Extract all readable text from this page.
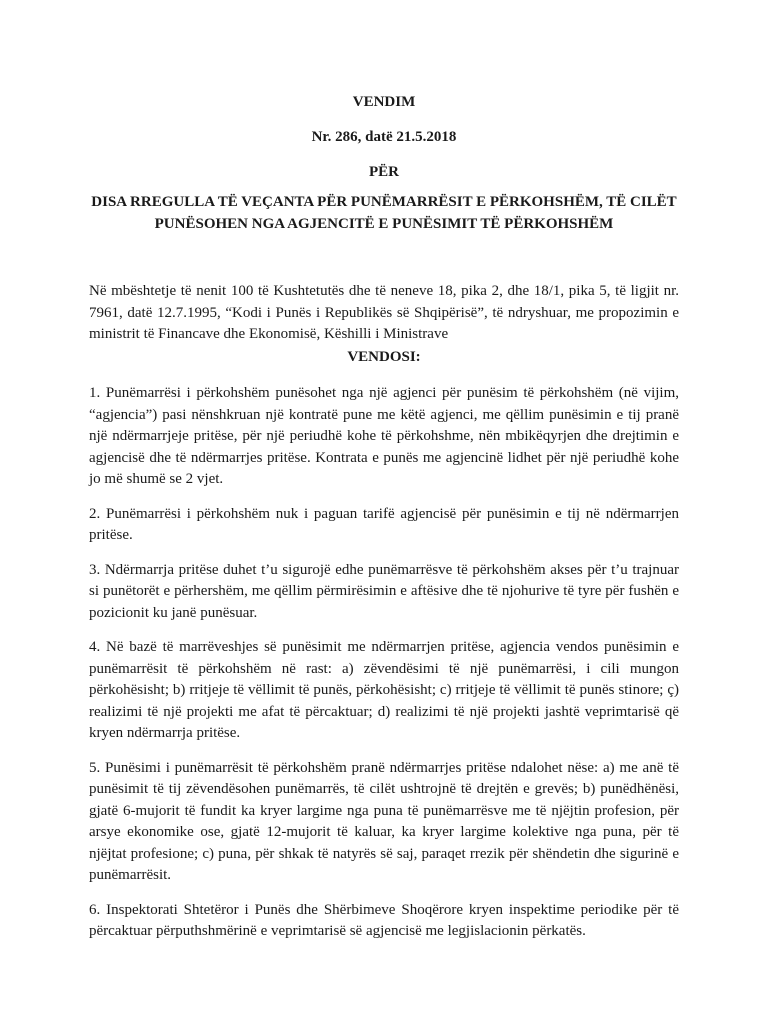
VENDIM

Nr. 286, datë 21.5.2018

PËR

DISA RREGULLA TË VEÇANTA PËR PUNËMARRËSIT E PËRKOHSHËM, TË CILËT PUNËSOHEN NGA AGJENCITË E PUNËSIMIT TË PËRKOHSHËM

Në mbështetje të nenit 100 të Kushtetutës dhe të neneve 18, pika 2, dhe 18/1, pika 5, të ligjit nr. 7961, datë 12.7.1995, “Kodi i Punës i Republikës së Shqipërisë”, të ndryshuar, me propozimin e ministrit të Financave dhe Ekonomisë, Këshilli i Ministrave

VENDOSI:

1. Punëmarrësi i përkohshëm punësohet nga një agjenci për punësim të përkohshëm (në vijim, “agjencia”) pasi nënshkruan një kontratë pune me këtë agjenci, me qëllim punësimin e tij pranë një ndërmarrjeje pritëse, për një periudhë kohe të përkohshme, nën mbikëqyrjen dhe drejtimin e agjencisë dhe të ndërmarrjes pritëse. Kontrata e punës me agjencinë lidhet për një periudhë kohe jo më shumë se 2 vjet.

2. Punëmarrësi i përkohshëm nuk i paguan tarifë agjencisë për punësimin e tij në ndërmarrjen pritëse.

3. Ndërmarrja pritëse duhet t’u sigurojë edhe punëmarrësve të përkohshëm akses për t’u trajnuar si punëtorët e përhershëm, me qëllim përmirësimin e aftësive dhe të njohurive të tyre për fushën e pozicionit ku janë punësuar.

4. Në bazë të marrëveshjes së punësimit me ndërmarrjen pritëse, agjencia vendos punësimin e punëmarrësit të përkohshëm në rast: a) zëvendësimi të një punëmarrësi, i cili mungon përkohësisht; b) rritjeje të vëllimit të punës, përkohësisht; c) rritjeje të vëllimit të punës stinore; ç) realizimi të një projekti me afat të përcaktuar; d) realizimi të një projekti jashtë veprimtarisë që kryen ndërmarrja pritëse.

5. Punësimi i punëmarrësit të përkohshëm pranë ndërmarrjes pritëse ndalohet nëse: a) me anë të punësimit të tij zëvendësohen punëmarrës, të cilët ushtrojnë të drejtën e grevës; b) punëdhënësi, gjatë 6-mujorit të fundit ka kryer largime nga puna të punëmarrësve me të njëjtin profesion, për arsye ekonomike ose, gjatë 12-mujorit të kaluar, ka kryer largime kolektive nga puna, për të njëjtat profesione; c) puna, për shkak të natyrës së saj, paraqet rrezik për shëndetin dhe sigurinë e punëmarrësit.

6. Inspektorati Shtetëror i Punës dhe Shërbimeve Shoqërore kryen inspektime periodike për të përcaktuar përputhshmërinë e veprimtarisë së agjencisë me legjislacionin përkatës.
